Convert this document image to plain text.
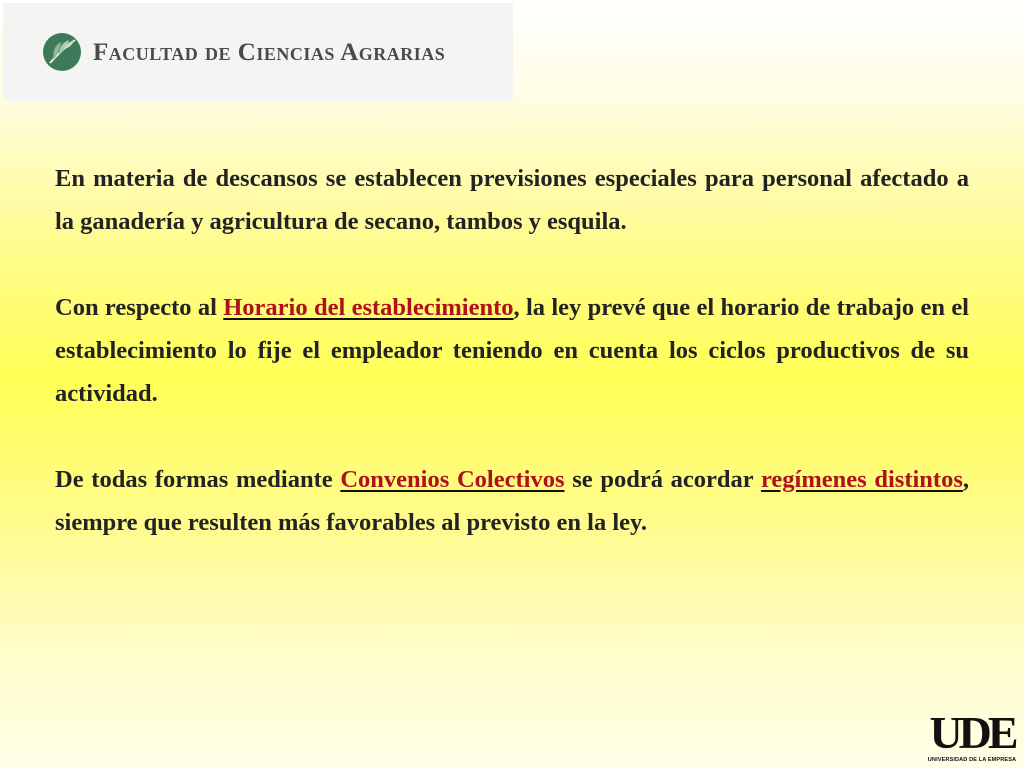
Facultad de Ciencias Agrarias

En materia de descansos se establecen previsiones especiales para personal afectado a la ganadería y agricultura de secano, tambos y esquila.

Con respecto al Horario del establecimiento, la ley prevé que el horario de trabajo en el establecimiento lo fije el empleador teniendo en cuenta los ciclos productivos de su actividad.

De todas formas mediante Convenios Colectivos se podrá acordar regímenes distintos, siempre que resulten más favorables al previsto en la ley.

UDE
UNIVERSIDAD DE LA EMPRESA
